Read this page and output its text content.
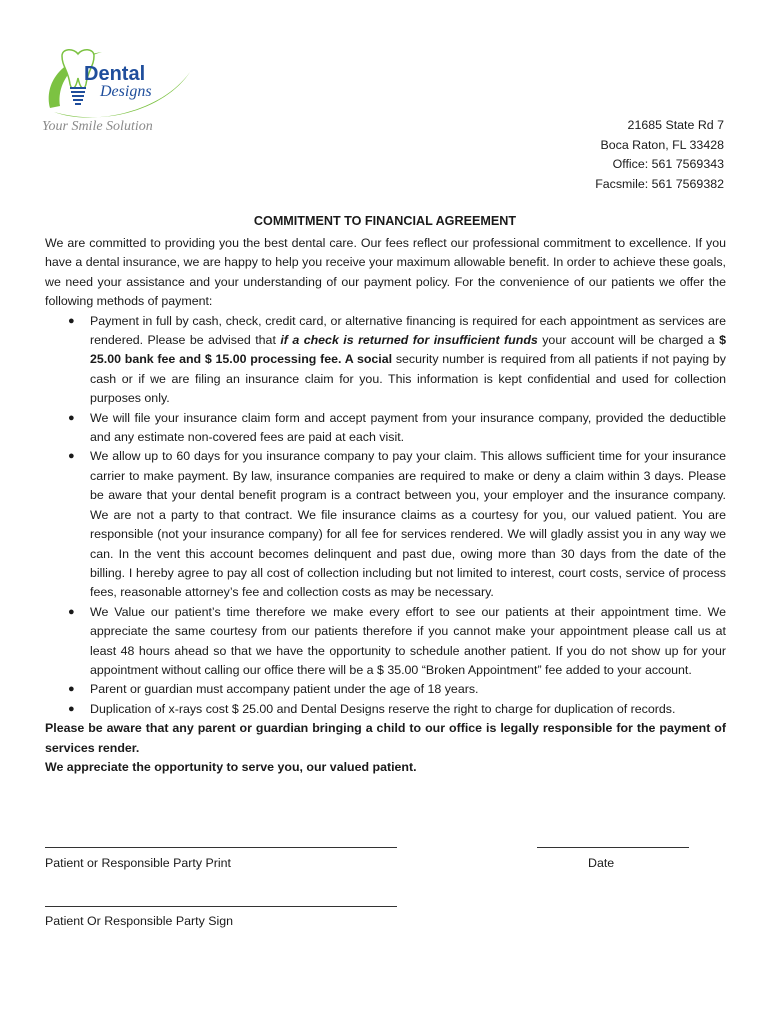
Dental
Designs
Your Smile Solution	21685 State Rd 7
Boca Raton, FL 33428
Office: 561 7569343
Facsmile: 561 7569382
COMMITMENT TO FINANCIAL AGREEMENT

We are committed to providing you the best dental care. Our fees reflect our professional commitment to excellence. If you have a dental insurance, we are happy to help you receive your maximum allowable benefit. In order to achieve these goals, we need your assistance and your understanding of our payment policy. For the convenience of our patients we offer the following methods of payment:

● Payment in full by cash, check, credit card, or alternative financing is required for each appointment as services are rendered. Please be advised that if a check is returned for insufficient funds your account will be charged a $ 25.00 bank fee and $ 15.00 processing fee. A social security number is required from all patients if not paying by cash or if we are filing an insurance claim for you. This information is kept confidential and used for collection purposes only.
● We will file your insurance claim form and accept payment from your insurance company, provided the deductible and any estimate non-covered fees are paid at each visit.
● We allow up to 60 days for you insurance company to pay your claim. This allows sufficient time for your insurance carrier to make payment. By law, insurance companies are required to make or deny a claim within 3 days. Please be aware that your dental benefit program is a contract between you, your employer and the insurance company. We are not a party to that contract. We file insurance claims as a courtesy for you, our valued patient. You are responsible (not your insurance company) for all fee for services rendered. We will gladly assist you in any way we can. In the vent this account becomes delinquent and past due, owing more than 30 days from the date of the billing. I hereby agree to pay all cost of collection including but not limited to interest, court costs, service of process fees, reasonable attorney’s fee and collection costs as may be necessary.
● We Value our patient’s time therefore we make every effort to see our patients at their appointment time. We appreciate the same courtesy from our patients therefore if you cannot make your appointment please call us at least 48 hours ahead so that we have the opportunity to schedule another patient. If you do not show up for your appointment without calling our office there will be a $ 35.00 “Broken Appointment” fee added to your account.
● Parent or guardian must accompany patient under the age of 18 years.
● Duplication of x-rays cost $ 25.00 and Dental Designs reserve the right to charge for duplication of records.

Please be aware that any parent or guardian bringing a child to our office is legally responsible for the payment of services render.

We appreciate the opportunity to serve you, our valued patient.

Patient or Responsible Party Print	Date
Patient Or Responsible Party Sign
